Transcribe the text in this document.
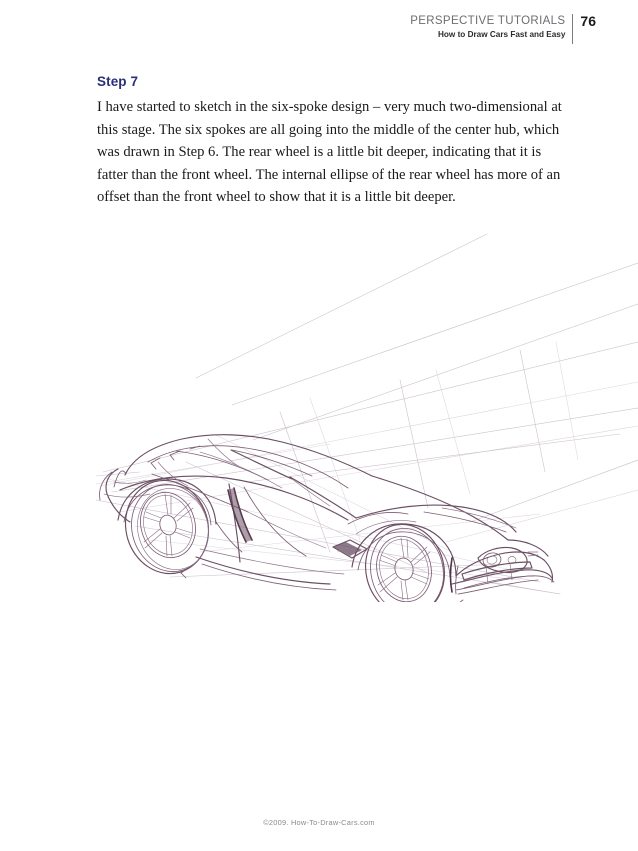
PERSPECTIVE TUTORIALS
How to Draw Cars Fast and Easy
76
Step 7

I have started to sketch in the six-spoke design – very much two-dimensional at this stage. The six spokes are all going into the middle of the center hub, which was drawn in Step 6. The rear wheel is a little bit deeper, indicating that it is fatter than the front wheel. The internal ellipse of the rear wheel has more of an offset than the front wheel to show that it is a little bit deeper.

©2009. How-To-Draw-Cars.com
